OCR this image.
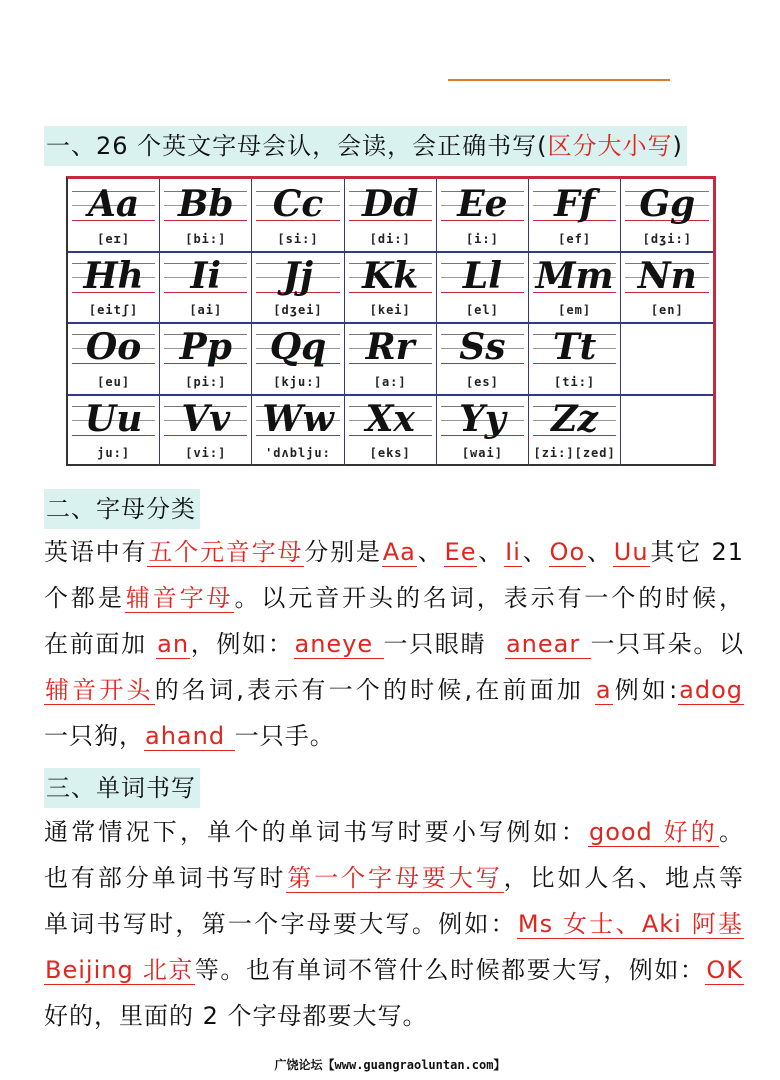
一、26 个英文字母会认，会读，会正确书写(区分大小写)
Aa
[eɪ]
Bb
[bi:]
Cc
[si:]
Dd
[di:]
Ee
[i:]
Ff
[ef]
Gg
[dʒi:]
Hh
[eitʃ]
Ii
[ai]
Jj
[dʒei]
Kk
[kei]
Ll
[el]
Mm
[em]
Nn
[en]
Oo
[eu]
Pp
[pi:]
Qq
[kju:]
Rr
[a:]
Ss
[es]
Tt
[ti:]
Uu
ju:]
Vv
[vi:]
Ww
'dʌblju:
Xx
[eks]
Yy
[wai]
Zz
[zi:][zed]
二、字母分类
英语中有五个元音字母分别是Aa、Ee、Ii、Oo、Uu其它 21
个都是辅音字母。以元音开头的名词，表示有一个的时候，
在前面加 an，例如：aneye 一只眼睛 anear 一只耳朵。以
辅音开头的名词,表示有一个的时候,在前面加 a例如:adog
一只狗，ahand 一只手。
三、单词书写
通常情况下，单个的单词书写时要小写例如：good 好的。
也有部分单词书写时第一个字母要大写，比如人名、地点等
单词书写时，第一个字母要大写。例如：Ms 女士、Aki 阿基
Beijing 北京等。也有单词不管什么时候都要大写，例如：OK
好的，里面的 2 个字母都要大写。
广饶论坛【www.guangraoluntan.com】
